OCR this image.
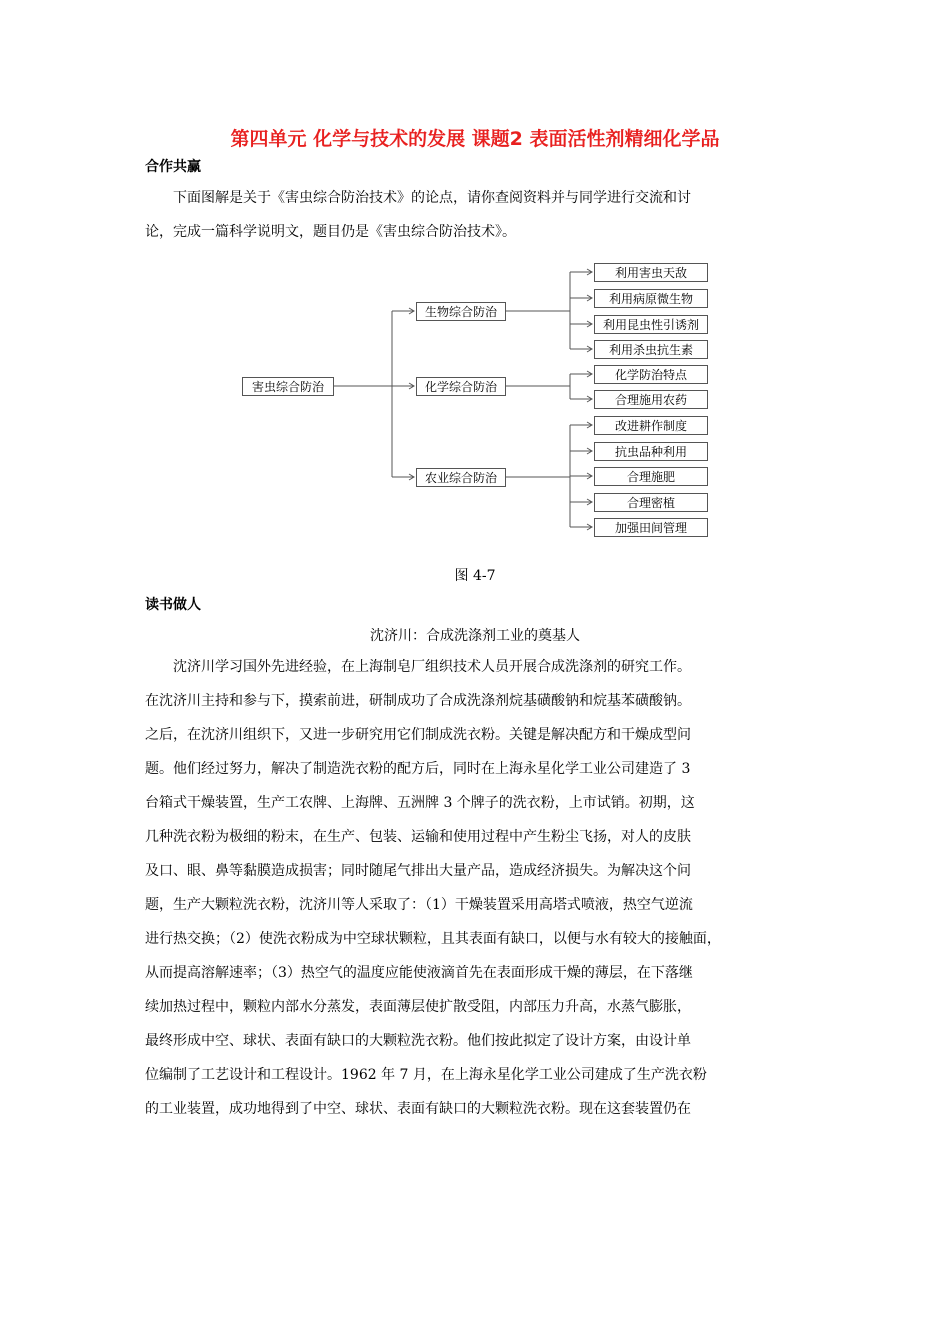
第四单元 化学与技术的发展 课题2 表面活性剂精细化学品
合作共赢
下面图解是关于《害虫综合防治技术》的论点，请你查阅资料并与同学进行交流和讨
论，完成一篇科学说明文，题目仍是《害虫综合防治技术》。
害虫综合防治
生物综合防治
化学综合防治
农业综合防治
利用害虫天敌
利用病原微生物
利用昆虫性引诱剂
利用杀虫抗生素
化学防治特点
合理施用农药
改进耕作制度
抗虫品种利用
合理施肥
合理密植
加强田间管理
图 4-7
读书做人
沈济川：合成洗涤剂工业的奠基人
沈济川学习国外先进经验，在上海制皂厂组织技术人员开展合成洗涤剂的研究工作。
在沈济川主持和参与下，摸索前进，研制成功了合成洗涤剂烷基磺酸钠和烷基苯磺酸钠。
之后，在沈济川组织下，又进一步研究用它们制成洗衣粉。关键是解决配方和干燥成型问
题。他们经过努力，解决了制造洗衣粉的配方后，同时在上海永星化学工业公司建造了 3
台箱式干燥装置，生产工农牌、上海牌、五洲牌 3 个牌子的洗衣粉，上市试销。初期，这
几种洗衣粉为极细的粉末，在生产、包装、运输和使用过程中产生粉尘飞扬，对人的皮肤
及口、眼、鼻等黏膜造成损害；同时随尾气排出大量产品，造成经济损失。为解决这个问
题，生产大颗粒洗衣粉，沈济川等人采取了：（1）干燥装置采用高塔式喷液，热空气逆流
进行热交换；（2）使洗衣粉成为中空球状颗粒，且其表面有缺口，以便与水有较大的接触面，
从而提高溶解速率；（3）热空气的温度应能使液滴首先在表面形成干燥的薄层，在下落继
续加热过程中，颗粒内部水分蒸发，表面薄层使扩散受阻，内部压力升高，水蒸气膨胀，
最终形成中空、球状、表面有缺口的大颗粒洗衣粉。他们按此拟定了设计方案，由设计单
位编制了工艺设计和工程设计。1962 年 7 月，在上海永星化学工业公司建成了生产洗衣粉
的工业装置，成功地得到了中空、球状、表面有缺口的大颗粒洗衣粉。现在这套装置仍在
